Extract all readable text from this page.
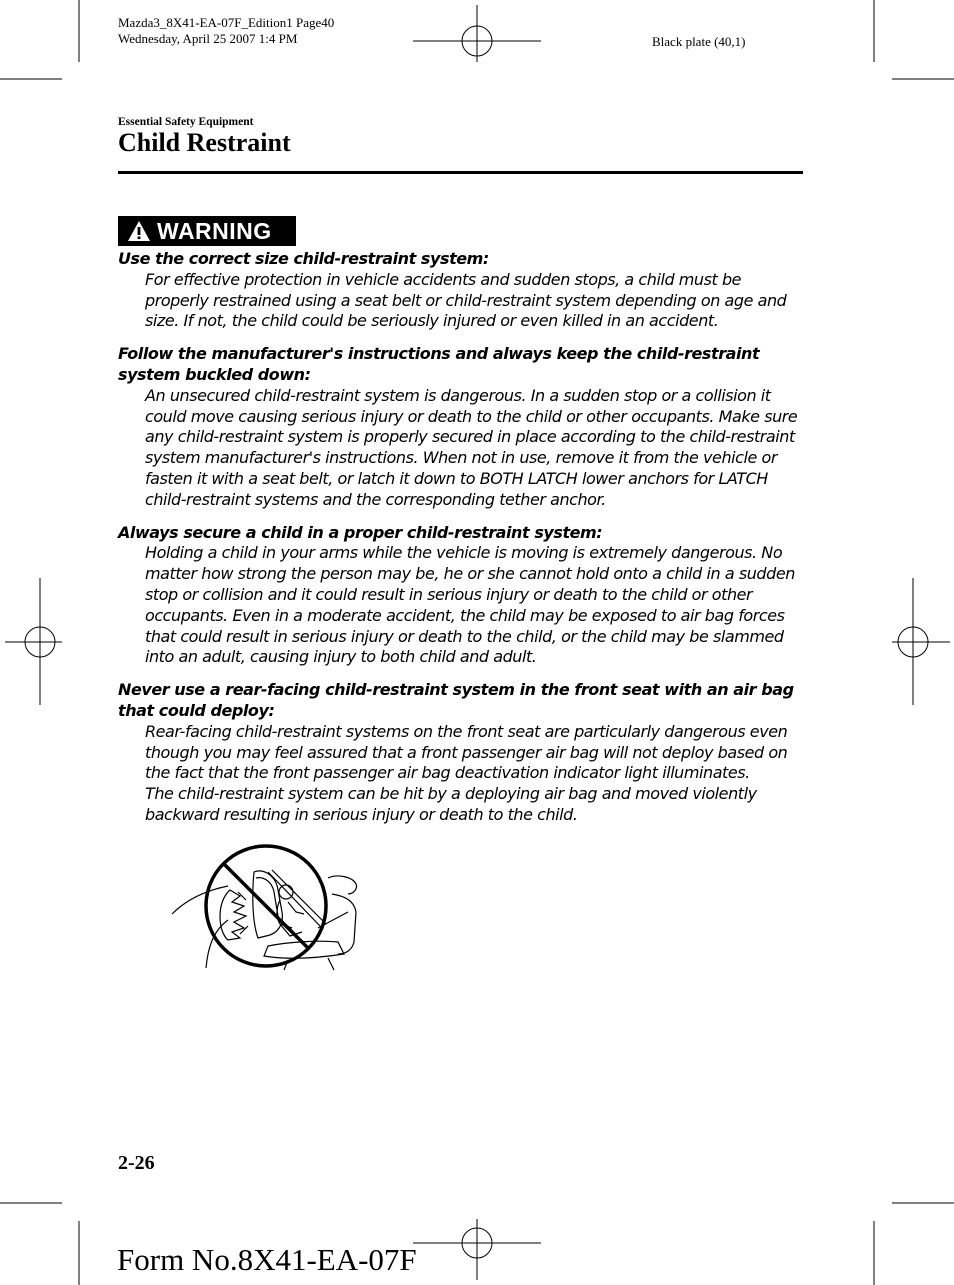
Mazda3_8X41-EA-07F_Edition1 Page40
Wednesday, April 25 2007 1:4 PM	Black plate (40,1)
Essential Safety Equipment
Child Restraint
WARNING
Use the correct size child-restraint system:
For effective protection in vehicle accidents and sudden stops, a child must be properly restrained using a seat belt or child-restraint system depending on age and size. If not, the child could be seriously injured or even killed in an accident.
Follow the manufacturer's instructions and always keep the child-restraint system buckled down:
An unsecured child-restraint system is dangerous. In a sudden stop or a collision it could move causing serious injury or death to the child or other occupants. Make sure any child-restraint system is properly secured in place according to the child-restraint system manufacturer's instructions. When not in use, remove it from the vehicle or fasten it with a seat belt, or latch it down to BOTH LATCH lower anchors for LATCH child-restraint systems and the corresponding tether anchor.
Always secure a child in a proper child-restraint system:
Holding a child in your arms while the vehicle is moving is extremely dangerous. No matter how strong the person may be, he or she cannot hold onto a child in a sudden stop or collision and it could result in serious injury or death to the child or other occupants. Even in a moderate accident, the child may be exposed to air bag forces that could result in serious injury or death to the child, or the child may be slammed into an adult, causing injury to both child and adult.
Never use a rear-facing child-restraint system in the front seat with an air bag that could deploy:
Rear-facing child-restraint systems on the front seat are particularly dangerous even though you may feel assured that a front passenger air bag will not deploy based on the fact that the front passenger air bag deactivation indicator light illuminates.
The child-restraint system can be hit by a deploying air bag and moved violently backward resulting in serious injury or death to the child.
2-26
Form No.8X41-EA-07F
